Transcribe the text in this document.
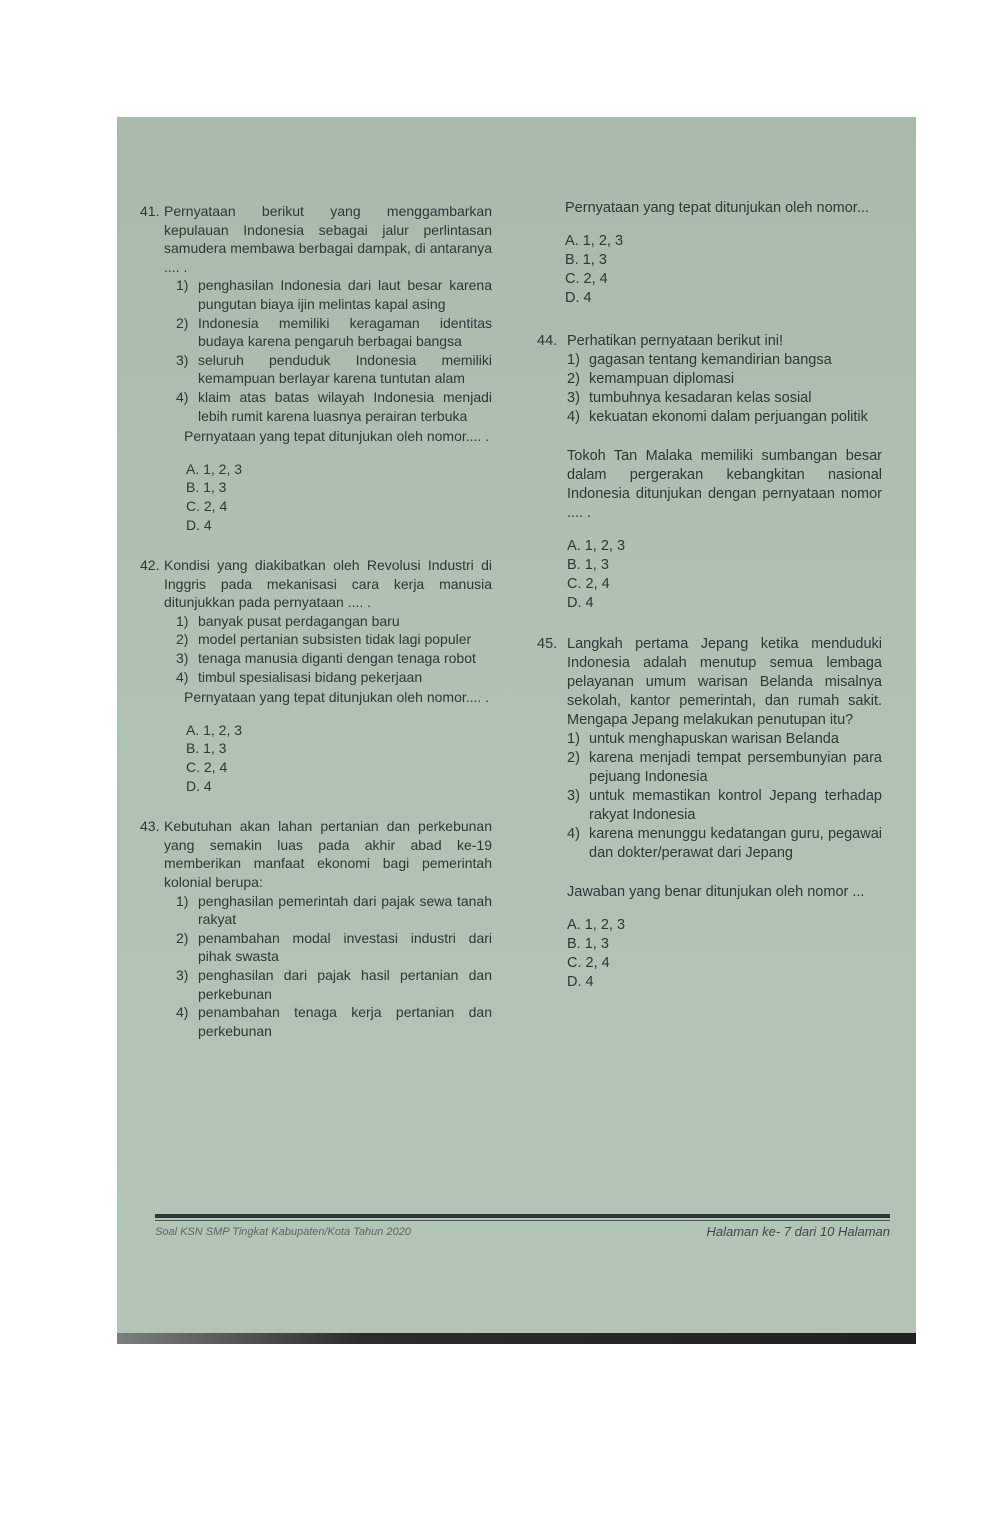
41. Pernyataan berikut yang menggambarkan kepulauan Indonesia sebagai jalur perlintasan samudera membawa berbagai dampak, di antaranya .... .
1) penghasilan Indonesia dari laut besar karena pungutan biaya ijin melintas kapal asing
2) Indonesia memiliki keragaman identitas budaya karena pengaruh berbagai bangsa
3) seluruh penduduk Indonesia memiliki kemampuan berlayar karena tuntutan alam
4) klaim atas batas wilayah Indonesia menjadi lebih rumit karena luasnya perairan terbuka
Pernyataan yang tepat ditunjukan oleh nomor.... .
A. 1, 2, 3
B. 1, 3
C. 2, 4
D. 4
42. Kondisi yang diakibatkan oleh Revolusi Industri di Inggris pada mekanisasi cara kerja manusia ditunjukkan pada pernyataan .... .
1) banyak pusat perdagangan baru
2) model pertanian subsisten tidak lagi populer
3) tenaga manusia diganti dengan tenaga robot
4) timbul spesialisasi bidang pekerjaan
Pernyataan yang tepat ditunjukan oleh nomor.... .
A. 1, 2, 3
B. 1, 3
C. 2, 4
D. 4
43. Kebutuhan akan lahan pertanian dan perkebunan yang semakin luas pada akhir abad ke-19 memberikan manfaat ekonomi bagi pemerintah kolonial berupa:
1) penghasilan pemerintah dari pajak sewa tanah rakyat
2) penambahan modal investasi industri dari pihak swasta
3) penghasilan dari pajak hasil pertanian dan perkebunan
4) penambahan tenaga kerja pertanian dan perkebunan
Pernyataan yang tepat ditunjukan oleh nomor...
A. 1, 2, 3
B. 1, 3
C. 2, 4
D. 4
44. Perhatikan pernyataan berikut ini!
1) gagasan tentang kemandirian bangsa
2) kemampuan diplomasi
3) tumbuhnya kesadaran kelas sosial
4) kekuatan ekonomi dalam perjuangan politik
Tokoh Tan Malaka memiliki sumbangan besar dalam pergerakan kebangkitan nasional Indonesia ditunjukan dengan pernyataan nomor .... .
A. 1, 2, 3
B. 1, 3
C. 2, 4
D. 4
45. Langkah pertama Jepang ketika menduduki Indonesia adalah menutup semua lembaga pelayanan umum warisan Belanda misalnya sekolah, kantor pemerintah, dan rumah sakit. Mengapa Jepang melakukan penutupan itu?
1) untuk menghapuskan warisan Belanda
2) karena menjadi tempat persembunyian para pejuang Indonesia
3) untuk memastikan kontrol Jepang terhadap rakyat Indonesia
4) karena menunggu kedatangan guru, pegawai dan dokter/perawat dari Jepang
Jawaban yang benar ditunjukan oleh nomor ...
A. 1, 2, 3
B. 1, 3
C. 2, 4
D. 4
Soal KSN SMP Tingkat Kabupaten/Kota Tahun 2020	Halaman ke- 7 dari 10 Halaman
